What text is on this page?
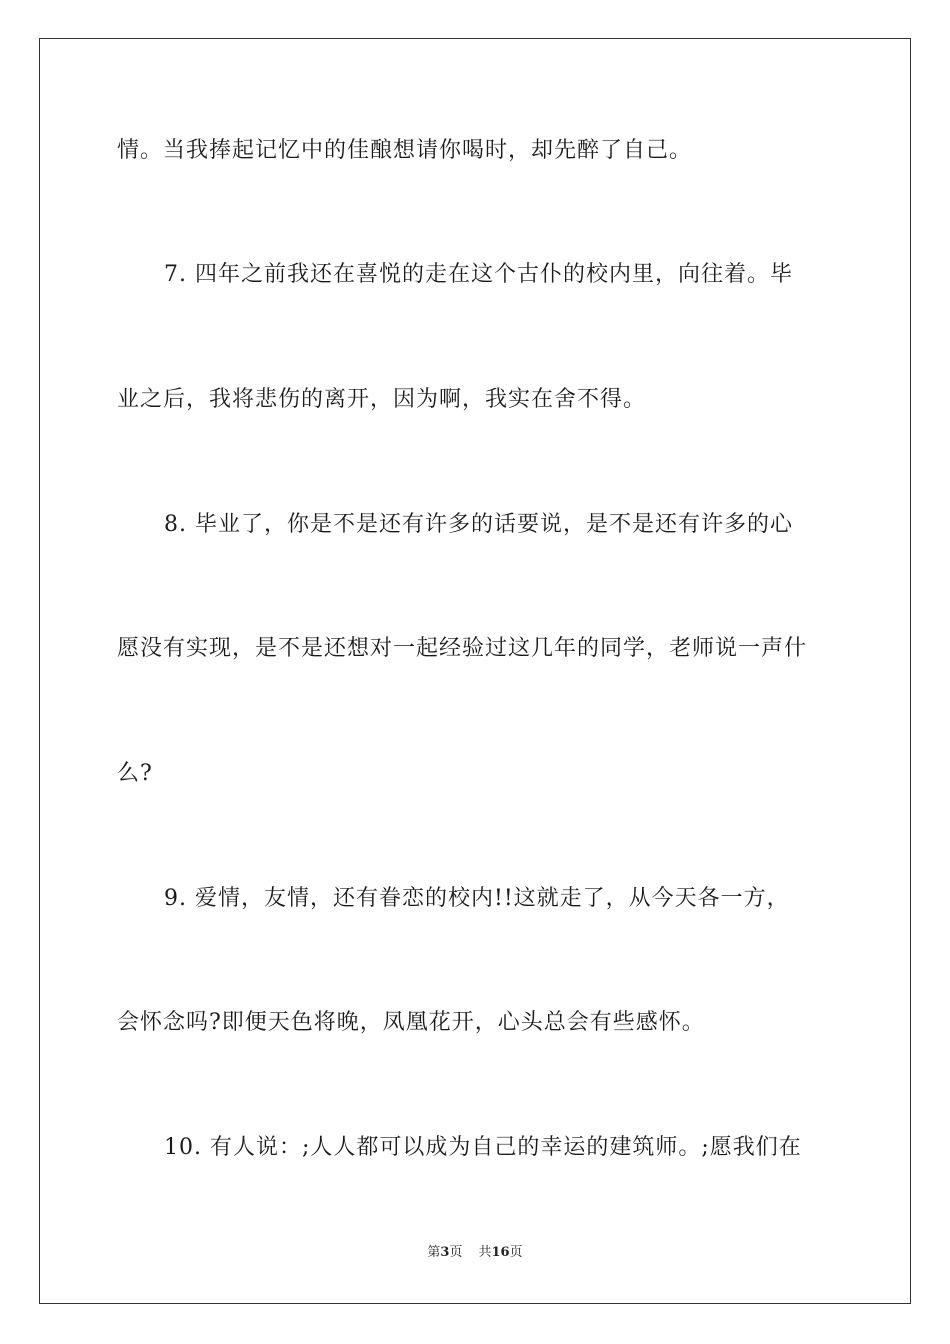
情。当我捧起记忆中的佳酿想请你喝时，却先醉了自己。
7. 四年之前我还在喜悦的走在这个古仆的校内里，向往着。毕
业之后，我将悲伤的离开，因为啊，我实在舍不得。
8. 毕业了，你是不是还有许多的话要说，是不是还有许多的心
愿没有实现，是不是还想对一起经验过这几年的同学，老师说一声什
么?
9. 爱情，友情，还有眷恋的校内!!这就走了，从今天各一方，
会怀念吗?即便天色将晚，凤凰花开，心头总会有些感怀。
10. 有人说：;人人都可以成为自己的幸运的建筑师。;愿我们在
第3页 共16页
